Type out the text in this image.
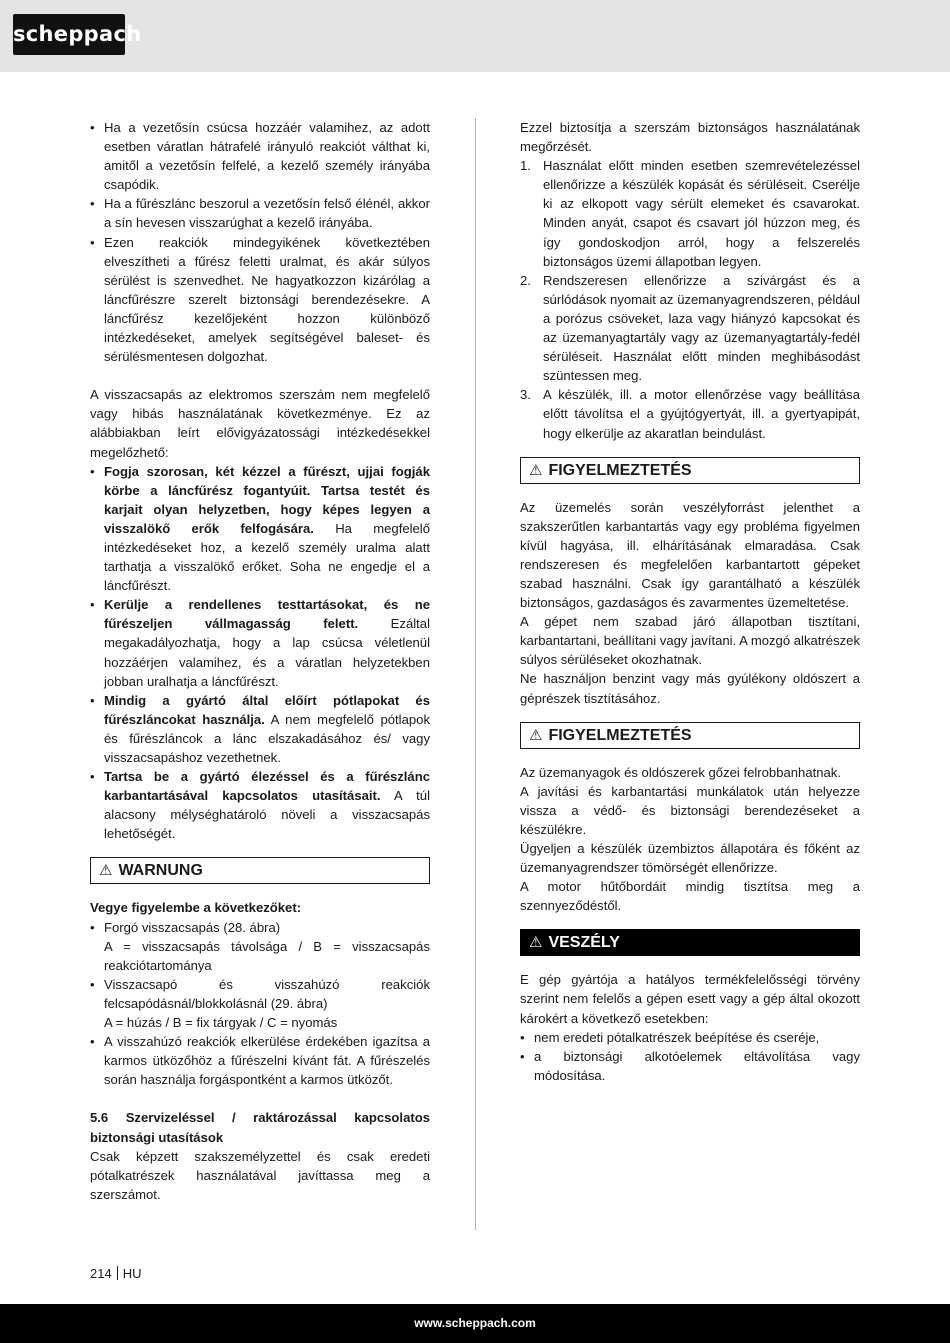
scheppach
• Ha a vezetősín csúcsa hozzáér valamihez, az adott esetben váratlan hátrafelé irányuló reakciót válthat ki, amitől a vezetősín felfelé, a kezelő személy irányába csapódik.
• Ha a fűrészlánc beszorul a vezetősín felső élénél, akkor a sín hevesen visszarúghat a kezelő irányába.
• Ezen reakciók mindegyikének következtében elveszítheti a fűrész feletti uralmat, és akár súlyos sérülést is szenvedhet. Ne hagyatkozzon kizárólag a láncfűrészre szerelt biztonsági berendezésekre. A láncfűrész kezelőjeként hozzon különböző intézkedéseket, amelyek segítségével baleset- és sérülésmentesen dolgozhat.

A visszacsapás az elektromos szerszám nem megfelelő vagy hibás használatának következménye. Ez az alábbiakban leírt elővigyázatossági intézkedésekkel megelőzhető:

• Fogja szorosan, két kézzel a fűrészt, ujjai fogják körbe a láncfűrész fogantyúit. Tartsa testét és karjait olyan helyzetben, hogy képes legyen a visszalökő erők felfogására. Ha megfelelő intézkedéseket hoz, a kezelő személy uralma alatt tarthatja a visszalökő erőket. Soha ne engedje el a láncfűrészt.
• Kerülje a rendellenes testtartásokat, és ne fűrészeljen vállmagasság felett. Ezáltal megakadályozhatja, hogy a lap csúcsa véletlenül hozzáérjen valamihez, és a váratlan helyzetekben jobban uralhatja a láncfűrészt.
• Mindig a gyártó által előírt pótlapokat és fűrészláncokat használja. A nem megfelelő pótlapok és fűrészláncok a lánc elszakadásához és/ vagy visszacsapáshoz vezethetnek.
• Tartsa be a gyártó élezéssel és a fűrészlánc karbantartásával kapcsolatos utasításait. A túl alacsony mélységhatároló növeli a visszacsapás lehetőségét.
⚠ WARNUNG

Vegye figyelembe a következőket:

• Forgó visszacsapás (28. ábra)
A = visszacsapás távolsága / B = visszacsapás reakciótartománya
• Visszacsapó és visszahúzó reakciók felcsapódásnál/blokkolásnál (29. ábra)
A = húzás / B = fix tárgyak / C = nyomás
• A visszahúzó reakciók elkerülése érdekében igazítsa a karmos ütközőhöz a fűrészelni kívánt fát. A fűrészelés során használja forgáspontként a karmos ütközőt.

5.6 Szervizeléssel / raktározással kapcsolatos biztonsági utasítások

Csak képzett szakszemélyzettel és csak eredeti pótalkatrészek használatával javíttassa meg a szerszámot.

Ezzel biztosítja a szerszám biztonságos használatának megőrzését.

1. Használat előtt minden esetben szemrevételezéssel ellenőrizze a készülék kopását és sérüléseit. Cserélje ki az elkopott vagy sérült elemeket és csavarokat. Minden anyát, csapot és csavart jól húzzon meg, és így gondoskodjon arról, hogy a felszerelés biztonságos üzemi állapotban legyen.
2. Rendszeresen ellenőrizze a szivárgást és a súrlódások nyomait az üzemanyagrendszeren, például a porózus csöveket, laza vagy hiányzó kapcsokat és az üzemanyagtartály vagy az üzemanyagtartály-fedél sérüléseit. Használat előtt minden meghibásodást szüntessen meg.
3. A készülék, ill. a motor ellenőrzése vagy beállítása előtt távolítsa el a gyújtógyertyát, ill. a gyertyapipát, hogy elkerülje az akaratlan beindulást.
⚠ FIGYELMEZTETÉS

Az üzemelés során veszélyforrást jelenthet a szakszerűtlen karbantartás vagy egy probléma figyelmen kívül hagyása, ill. elhárításának elmaradása. Csak rendszeresen és megfelelően karbantartott gépeket szabad használni. Csak így garantálható a készülék biztonságos, gazdaságos és zavarmentes üzemeltetése.

A gépet nem szabad járó állapotban tisztítani, karbantartani, beállítani vagy javítani. A mozgó alkatrészek súlyos sérüléseket okozhatnak.

Ne használjon benzint vagy más gyúlékony oldószert a géprészek tisztításához.

⚠ FIGYELMEZTETÉS

Az üzemanyagok és oldószerek gőzei felrobbanhatnak.

A javítási és karbantartási munkálatok után helyezze vissza a védő- és biztonsági berendezéseket a készülékre.

Ügyeljen a készülék üzembiztos állapotára és főként az üzemanyagrendszer tömörségét ellenőrizze.

A motor hűtőbordáit mindig tisztítsa meg a szennyeződéstől.

⚠ VESZÉLY

E gép gyártója a hatályos termékfelelősségi törvény szerint nem felelős a gépen esett vagy a gép által okozott károkért a következő esetekben:

• nem eredeti pótalkatrészek beépítése és cseréje,
• a biztonsági alkotóelemek eltávolítása vagy módosítása.
214 HU
www.scheppach.com
